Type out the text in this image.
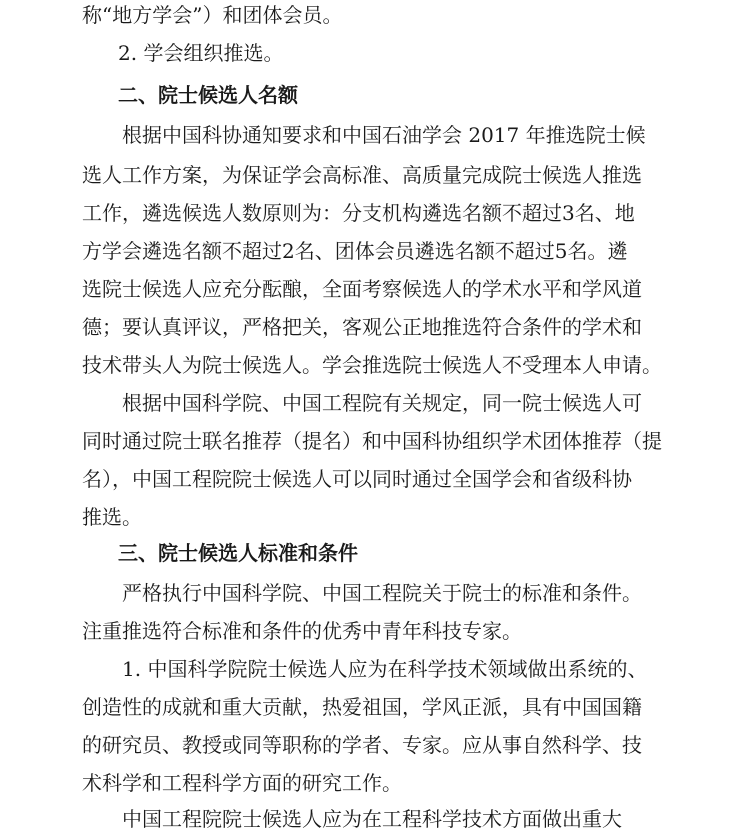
称“地方学会”）和团体会员。
2. 学会组织推选。
二、院士候选人名额
根据中国科协通知要求和中国石油学会 2017 年推选院士候
选人工作方案，为保证学会高标准、高质量完成院士候选人推选
工作，遴选候选人数原则为：分支机构遴选名额不超过3名、地
方学会遴选名额不超过2名、团体会员遴选名额不超过5名。遴
选院士候选人应充分酝酿，全面考察候选人的学术水平和学风道
德；要认真评议，严格把关，客观公正地推选符合条件的学术和
技术带头人为院士候选人。学会推选院士候选人不受理本人申请。
根据中国科学院、中国工程院有关规定，同一院士候选人可
同时通过院士联名推荐（提名）和中国科协组织学术团体推荐（提
名），中国工程院院士候选人可以同时通过全国学会和省级科协
推选。
三、院士候选人标准和条件
严格执行中国科学院、中国工程院关于院士的标准和条件。
注重推选符合标准和条件的优秀中青年科技专家。
1. 中国科学院院士候选人应为在科学技术领域做出系统的、
创造性的成就和重大贡献，热爱祖国，学风正派，具有中国国籍
的研究员、教授或同等职称的学者、专家。应从事自然科学、技
术科学和工程科学方面的研究工作。
中国工程院院士候选人应为在工程科学技术方面做出重大
